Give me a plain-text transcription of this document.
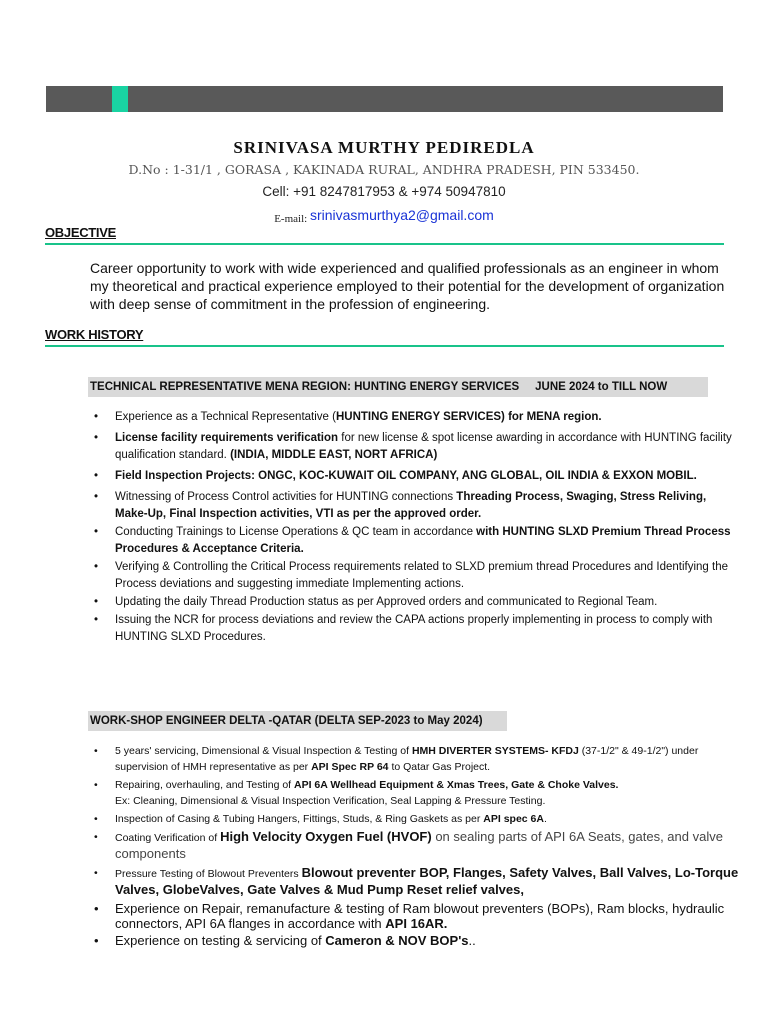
SRINIVASA MURTHY PEDIREDLA
D.No : 1-31/1 , GORASA , KAKINADA RURAL, ANDHRA PRADESH, PIN 533450.
Cell: +91 8247817953 & +974 50947810
E-mail: srinivasmurthya2@gmail.com
OBJECTIVE
Career opportunity to work with wide experienced and qualified professionals as an engineer in whom my theoretical and practical experience employed to their potential for the development of organization with deep sense of commitment in the profession of engineering.
WORK HISTORY
TECHNICAL REPRESENTATIVE MENA REGION: HUNTING ENERGY SERVICES     JUNE 2024 to TILL NOW
• Experience as a Technical Representative (HUNTING ENERGY SERVICES) for MENA region.
• License facility requirements verification for new license & spot license awarding in accordance with HUNTING facility qualification standard. (INDIA, MIDDLE EAST, NORT AFRICA)
• Field Inspection Projects: ONGC, KOC-KUWAIT OIL COMPANY, ANG GLOBAL, OIL INDIA & EXXON MOBIL.
• Witnessing of Process Control activities for HUNTING connections Threading Process, Swaging, Stress Reliving, Make-Up, Final Inspection activities, VTI as per the approved order.
• Conducting Trainings to License Operations & QC team in accordance with HUNTING SLXD Premium Thread Process Procedures & Acceptance Criteria.
• Verifying & Controlling the Critical Process requirements related to SLXD premium thread Procedures and Identifying the Process deviations and suggesting immediate Implementing actions.
• Updating the daily Thread Production status as per Approved orders and communicated to Regional Team.
• Issuing the NCR for process deviations and review the CAPA actions properly implementing in process to comply with HUNTING SLXD Procedures.
WORK-SHOP ENGINEER DELTA -QATAR (DELTA SEP-2023 to May 2024)
• 5 years' servicing, Dimensional & Visual Inspection & Testing of HMH DIVERTER SYSTEMS- KFDJ (37-1/2" & 49-1/2") under supervision of HMH representative as per API Spec RP 64 to Qatar Gas Project.
• Repairing, overhauling, and Testing of API 6A Wellhead Equipment & Xmas Trees, Gate & Choke Valves.
Ex: Cleaning, Dimensional & Visual Inspection Verification, Seal Lapping & Pressure Testing.
• Inspection of Casing & Tubing Hangers, Fittings, Studs, & Ring Gaskets as per API spec 6A.
• Coating Verification of High Velocity Oxygen Fuel (HVOF) on sealing parts of API 6A Seats, gates, and valve components
• Pressure Testing of Blowout Preventers Blowout preventer BOP, Flanges, Safety Valves, Ball Valves, Lo-Torque Valves, GlobeValves, Gate Valves & Mud Pump Reset relief valves,
• Experience on Repair, remanufacture & testing of Ram blowout preventers (BOPs), Ram blocks, hydraulic connectors, API 6A flanges in accordance with API 16AR.
• Experience on testing & servicing of Cameron & NOV BOP's..
